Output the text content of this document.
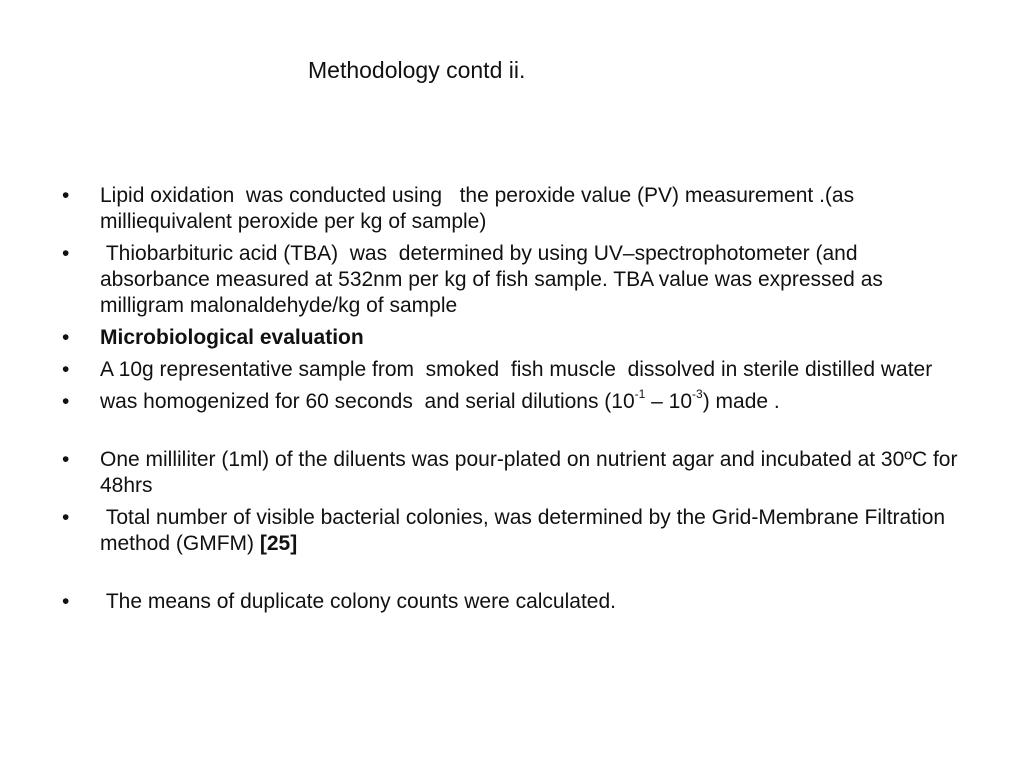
Methodology contd ii.
• Lipid oxidation  was conducted using   the peroxide value (PV) measurement .(as milliequivalent peroxide per kg of sample)
• Thiobarbituric acid (TBA)  was  determined by using UV–spectrophotometer (and absorbance measured at 532nm per kg of fish sample. TBA value was expressed as milligram malonaldehyde/kg of sample
• Microbiological evaluation
• A 10g representative sample from  smoked  fish muscle  dissolved in sterile distilled water
• was homogenized for 60 seconds  and serial dilutions $(10^{-1} - 10^{-3})$ made .
• One milliliter (1ml) of the diluents was pour-plated on nutrient agar and incubated at 30ºC for 48hrs
• Total number of visible bacterial colonies, was determined by the Grid-Membrane Filtration method (GMFM) [25]
• The means of duplicate colony counts were calculated.
